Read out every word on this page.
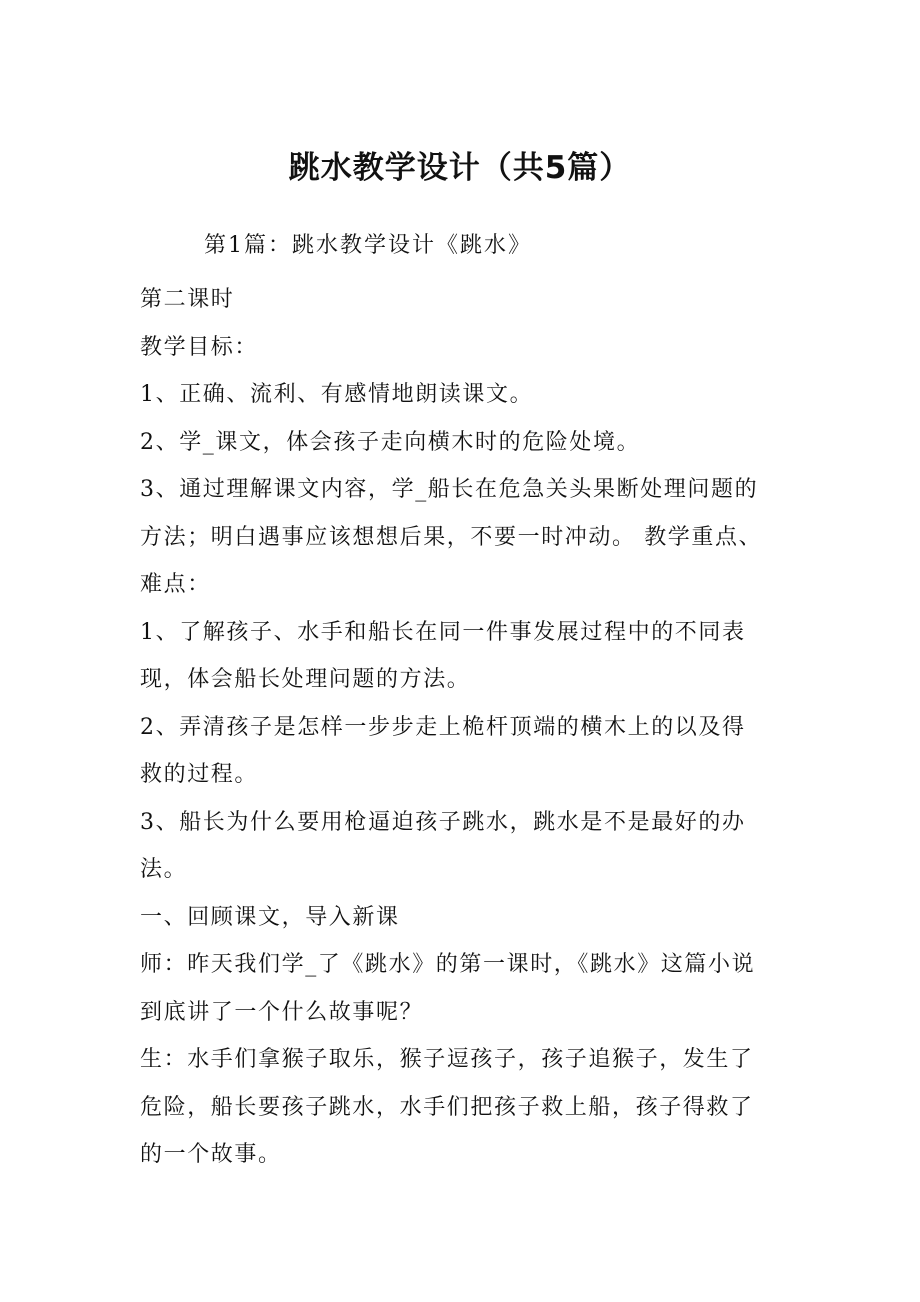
跳水教学设计（共5篇）
第1篇：跳水教学设计《跳水》
第二课时
教学目标：
1、正确、流利、有感情地朗读课文。
2、学_课文，体会孩子走向横木时的危险处境。
3、通过理解课文内容，学_船长在危急关头果断处理问题的
方法；明白遇事应该想想后果，不要一时冲动。 教学重点、
难点：
1、了解孩子、水手和船长在同一件事发展过程中的不同表
现，体会船长处理问题的方法。
2、弄清孩子是怎样一步步走上桅杆顶端的横木上的以及得
救的过程。
3、船长为什么要用枪逼迫孩子跳水，跳水是不是最好的办
法。
一、回顾课文，导入新课
师：昨天我们学_了《跳水》的第一课时，《跳水》这篇小说
到底讲了一个什么故事呢？
生：水手们拿猴子取乐，猴子逗孩子，孩子追猴子，发生了
危险，船长要孩子跳水，水手们把孩子救上船，孩子得救了
的一个故事。
